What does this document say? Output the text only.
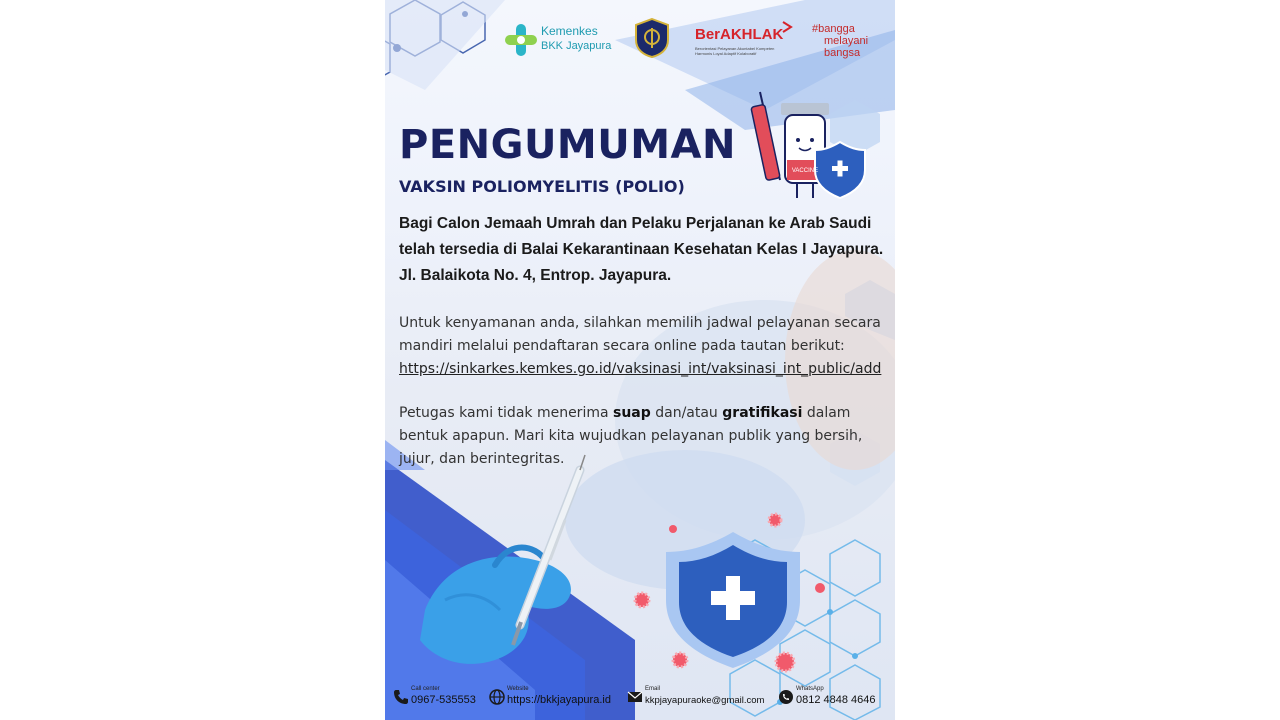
VACCINE
Kemenkes
BKK Jayapura
BerAKHLAK
Berorientasi Pelayanan Akuntabel Kompeten Harmonis Loyal Adaptif Kolaboratif
#bangga
melayani
bangsa
PENGUMUMAN
VAKSIN POLIOMYELITIS (POLIO)
Bagi Calon Jemaah Umrah dan Pelaku Perjalanan ke Arab Saudi
telah tersedia di Balai Kekarantinaan Kesehatan Kelas I Jayapura.
Jl. Balaikota No. 4, Entrop. Jayapura.

Untuk kenyamanan anda, silahkan memilih jadwal pelayanan secara mandiri melalui pendaftaran secara online pada tautan berikut:
https://sinkarkes.kemkes.go.id/vaksinasi_int/vaksinasi_int_public/add

Petugas kami tidak menerima suap dan/atau gratifikasi dalam bentuk apapun. Mari kita wujudkan pelayanan publik yang bersih, jujur, dan berintegritas.

Call center
0967-535553
Website
https://bkkjayapura.id
Email
kkpjayapuraoke@gmail.com
WhatsApp
0812 4848 4646
